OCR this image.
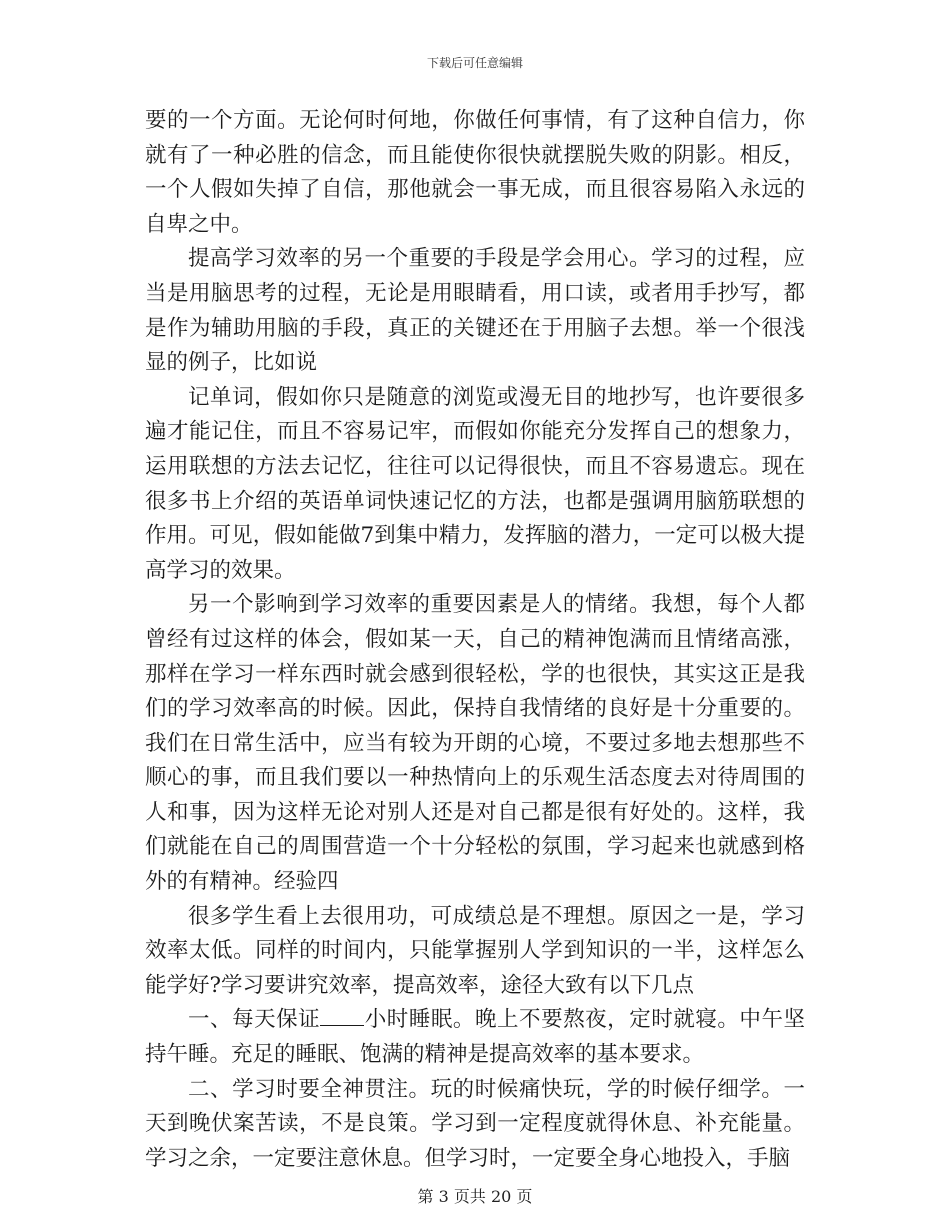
下载后可任意编辑

要的一个方面。无论何时何地，你做任何事情，有了这种自信力，你就有了一种必胜的信念，而且能使你很快就摆脱失败的阴影。相反，一个人假如失掉了自信，那他就会一事无成，而且很容易陷入永远的自卑之中。

提高学习效率的另一个重要的手段是学会用心。学习的过程，应当是用脑思考的过程，无论是用眼睛看，用口读，或者用手抄写，都是作为辅助用脑的手段，真正的关键还在于用脑子去想。举一个很浅显的例子，比如说

记单词，假如你只是随意的浏览或漫无目的地抄写，也许要很多遍才能记住，而且不容易记牢，而假如你能充分发挥自己的想象力，运用联想的方法去记忆，往往可以记得很快，而且不容易遗忘。现在很多书上介绍的英语单词快速记忆的方法，也都是强调用脑筋联想的作用。可见，假如能做7到集中精力，发挥脑的潜力，一定可以极大提高学习的效果。

另一个影响到学习效率的重要因素是人的情绪。我想，每个人都曾经有过这样的体会，假如某一天，自己的精神饱满而且情绪高涨，那样在学习一样东西时就会感到很轻松，学的也很快，其实这正是我们的学习效率高的时候。因此，保持自我情绪的良好是十分重要的。我们在日常生活中，应当有较为开朗的心境，不要过多地去想那些不顺心的事，而且我们要以一种热情向上的乐观生活态度去对待周围的人和事，因为这样无论对别人还是对自己都是很有好处的。这样，我们就能在自己的周围营造一个十分轻松的氛围，学习起来也就感到格外的有精神。经验四

很多学生看上去很用功，可成绩总是不理想。原因之一是，学习效率太低。同样的时间内，只能掌握别人学到知识的一半，这样怎么能学好?学习要讲究效率，提高效率，途径大致有以下几点

一、每天保证 小时睡眠。晚上不要熬夜，定时就寝。中午坚持午睡。充足的睡眠、饱满的精神是提高效率的基本要求。

二、学习时要全神贯注。玩的时候痛快玩，学的时候仔细学。一天到晚伏案苦读，不是良策。学习到一定程度就得休息、补充能量。学习之余，一定要注意休息。但学习时，一定要全身心地投入，手脑

第 3 页共 20 页
